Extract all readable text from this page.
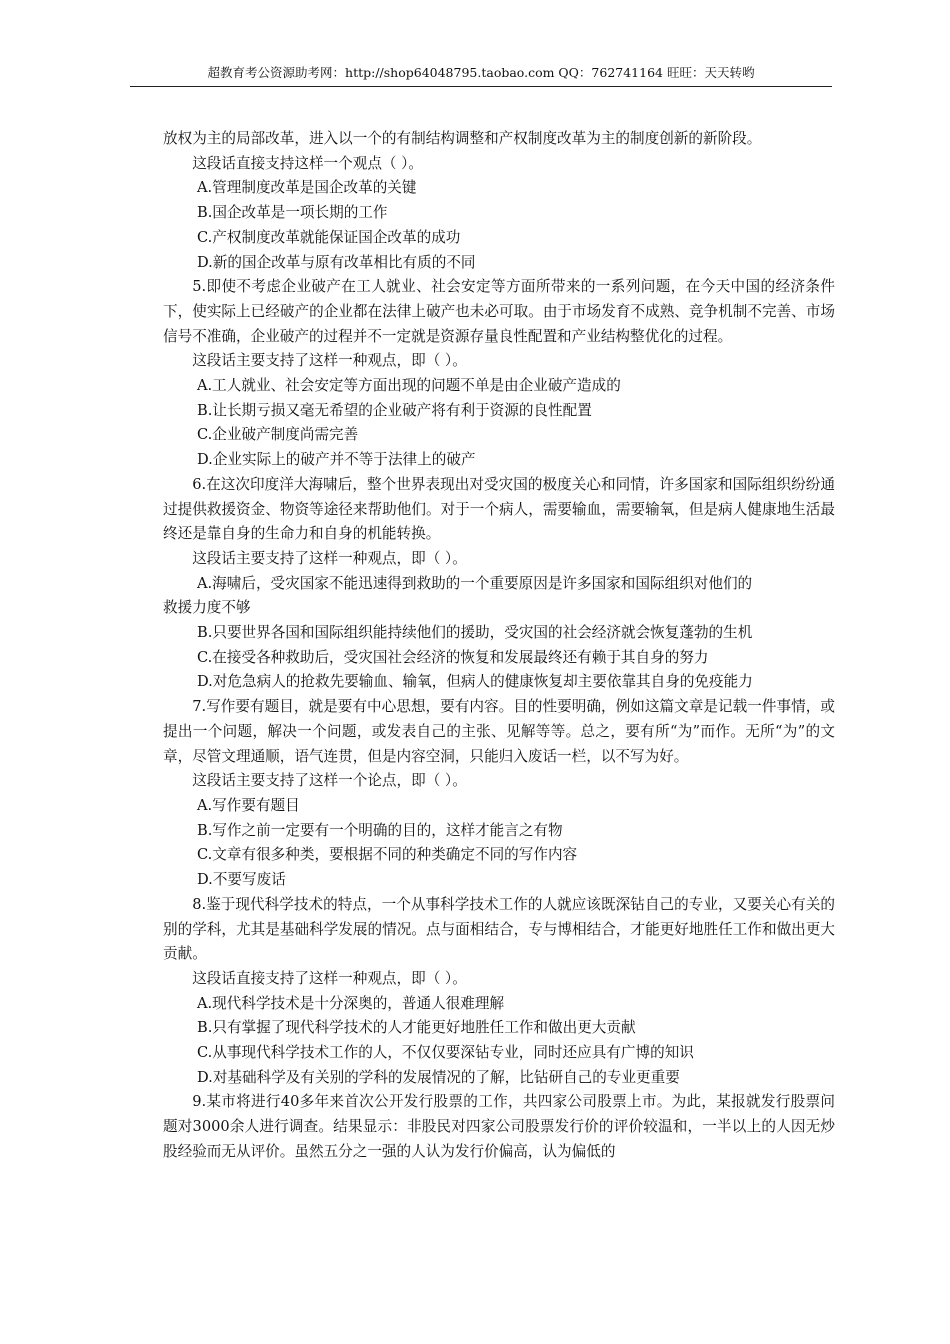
超教育考公资源助考网：http://shop64048795.taobao.com QQ：762741164 旺旺：天天转哟

放权为主的局部改革，进入以一个的有制结构调整和产权制度改革为主的制度创新的新阶段。

这段话直接支持这样一个观点（ ）。

A.管理制度改革是国企改革的关键

B.国企改革是一项长期的工作

C.产权制度改革就能保证国企改革的成功

D.新的国企改革与原有改革相比有质的不同

5.即使不考虑企业破产在工人就业、社会安定等方面所带来的一系列问题，在今天中国的经济条件下，使实际上已经破产的企业都在法律上破产也未必可取。由于市场发育不成熟、竞争机制不完善、市场信号不准确，企业破产的过程并不一定就是资源存量良性配置和产业结构整优化的过程。

这段话主要支持了这样一种观点，即（ ）。

A.工人就业、社会安定等方面出现的问题不单是由企业破产造成的

B.让长期亏损又毫无希望的企业破产将有利于资源的良性配置

C.企业破产制度尚需完善

D.企业实际上的破产并不等于法律上的破产

6.在这次印度洋大海啸后，整个世界表现出对受灾国的极度关心和同情，许多国家和国际组织纷纷通过提供救援资金、物资等途径来帮助他们。对于一个病人，需要输血，需要输氧，但是病人健康地生活最终还是靠自身的生命力和自身的机能转换。

这段话主要支持了这样一种观点，即（ ）。

A.海啸后，受灾国家不能迅速得到救助的一个重要原因是许多国家和国际组织对他们的

救援力度不够

B.只要世界各国和国际组织能持续他们的援助，受灾国的社会经济就会恢复蓬勃的生机

C.在接受各种救助后，受灾国社会经济的恢复和发展最终还有赖于其自身的努力

D.对危急病人的抢救先要输血、输氧，但病人的健康恢复却主要依靠其自身的免疫能力

7.写作要有题目，就是要有中心思想，要有内容。目的性要明确，例如这篇文章是记载一件事情，或提出一个问题，解决一个问题，或发表自己的主张、见解等等。总之，要有所“为”而作。无所“为”的文章，尽管文理通顺，语气连贯，但是内容空洞，只能归入废话一栏，以不写为好。

这段话主要支持了这样一个论点，即（ ）。

A.写作要有题目

B.写作之前一定要有一个明确的目的，这样才能言之有物

C.文章有很多种类，要根据不同的种类确定不同的写作内容

D.不要写废话

8.鉴于现代科学技术的特点，一个从事科学技术工作的人就应该既深钻自己的专业，又要关心有关的别的学科，尤其是基础科学发展的情况。点与面相结合，专与博相结合，才能更好地胜任工作和做出更大贡献。

这段话直接支持了这样一种观点，即（ ）。

A.现代科学技术是十分深奥的，普通人很难理解

B.只有掌握了现代科学技术的人才能更好地胜任工作和做出更大贡献

C.从事现代科学技术工作的人，不仅仅要深钻专业，同时还应具有广博的知识

D.对基础科学及有关别的学科的发展情况的了解，比钻研自己的专业更重要

9.某市将进行40多年来首次公开发行股票的工作，共四家公司股票上市。为此，某报就发行股票问题对3000余人进行调查。结果显示：非股民对四家公司股票发行价的评价较温和，一半以上的人因无炒股经验而无从评价。虽然五分之一强的人认为发行价偏高，认为偏低的
